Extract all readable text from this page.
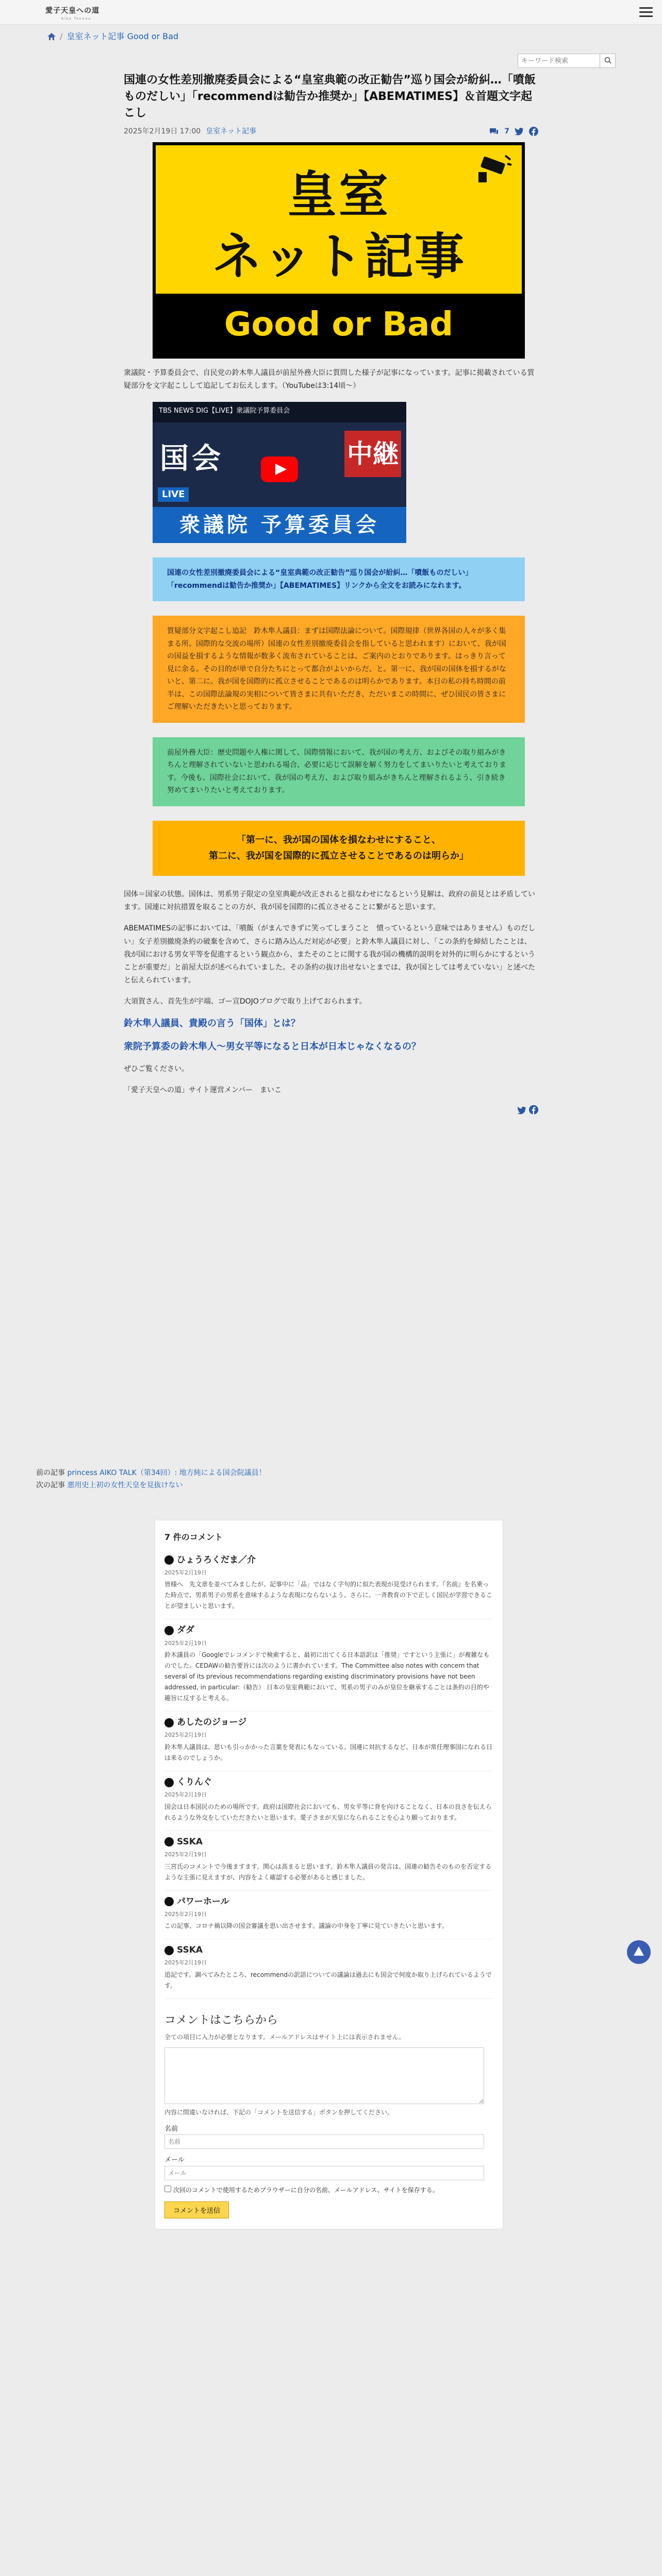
愛子天皇への道
Aiko Tennou
/ 皇室ネット記事 Good or Bad
キーワード検索
国連の女性差別撤廃委員会による“皇室典範の改正勧告”巡り国会が紛糾…「噴飯ものだしい」「recommendは勧告か推奨か」【ABEMATIMES】＆首題文字起こし
2025年2月19日 17:00 皇室ネット記事	7
皇室
ネット記事
Good or Bad
衆議院・予算委員会で、自民党の鈴木隼人議員が前屋外務大臣に質問した様子が記事になっています。記事に掲載されている質疑部分を文字起こしして追記してお伝えします。（YouTubeは3:14頃〜）
TBS NEWS DIG【LIVE】衆議院予算委員会
国会	中継
LIVE
衆議院 予算委員会
国連の女性差別撤廃委員会による“皇室典範の改正勧告”巡り国会が紛糾…「噴飯ものだしい」「recommendは勧告か推奨か」【ABEMATIMES】リンクから全文をお読みになれます。
質疑部分文字起こし追記　鈴木隼人議員：まずは国際法論について。国際規律（世界各国の人々が多く集まる所。国際的な交流の場所）国連の女性差別撤廃委員会を指していると思われます）において、我が国の国益を損するような情報が数多く流布されていることは、ご案内のとおりであります。はっきり言って見に余る。その目的が単で自分たちにとって都合がよいからだ、と。第一に、我が国の国体を損するがないと、第二に、我が国を国際的に孤立させることであるのは明らかであります。本日の私の持ち時間の前半は、この国際法論規の実相について皆さまに共有いただき、ただいまこの時間に、ぜひ国民の皆さまにご理解いただきたいと思っております。
前屋外務大臣：歴史問題や人権に関して、国際情報において、我が国の考え方、およびその取り組みがきちんと理解されていないと思われる場合、必要に応じて誤解を解く努力をしてまいりたいと考えております。今後も、国際社会において、我が国の考え方、および取り組みがきちんと理解されるよう、引き続き努めてまいりたいと考えております。
「第一に、我が国の国体を損なわせにすること、
第二に、我が国を国際的に孤立させることであるのは明らか」

国体＝国家の状態。国体は、男系男子限定の皇室典範が改正されると損なわせになるという見解は、政府の前見とは矛盾しています。国連に対抗措置を取ることの方が、我が国を国際的に孤立させることに繋がると思います。

ABEMATIMESの記事においては、「噴飯（がまんできずに笑ってしまうこと　憤っているという意味ではありません）ものだしい」女子差別撤廃条約の破棄を含めて、さらに踏み込んだ対応が必要」と鈴木隼人議員に対し、「この条約を締結したことは、我が国における男女平等を促進するという観点から、またそのことに関する我が国の機構的説明を対外的に明らかにするということが重要だ」と前屋大臣が述べられていました。その条約の抜け出せないとまでは、我が国としては考えていない」と述べたと伝えられています。

大須賀さん、首先生が宇端、ゴー宣DOJOブログで取り上げておられます。

鈴木隼人議員、貴殿の言う「国体」とは？
衆院予算委の鈴木隼人〜男女平等になると日本が日本じゃなくなるの？

ぜひご覧ください。

「愛子天皇への道」サイト運営メンバー　まいこ

前の記事 princess AIKO TALK（第34回）: 地方純による国会院議員！
次の記事 悪用史上初の女性天皇を見抜けない
7 件のコメント
ひょうろくだま／介
2025年2月19日
皆様へ　先文章を並べてみましたが、記事中に「品」ではなく字句的に似た表現が見受けられます。『名前』を名乗った時点で、男系男子の男系を意味するような表現にならないよう、さらに、一斉教育の下で正しく国民が学習できることが望ましいと思います。
ダダ
2025年2月19日
鈴木議員の「Googleでレコメンドで検索すると、最初に出てくる日本語訳は「推奨」ですという主張に」が複雑なものでした。CEDAWの勧告要旨には次のように書かれています。The Committee also notes with concern that several of its previous recommendations regarding existing discriminatory provisions have not been addressed, in particular:（勧告） 日本の皇室典範において、男系の男子のみが皇位を継承することは条約の目的や趣旨に反すると考える。
あしたのジョージ
2025年2月19日
鈴木隼人議員は、思いも引っかかった言葉を発表にもなっている。国連に対抗するなど、日本が常任理事国になれる日は来るのでしょうか。
くりんぐ
2025年2月19日
国会は日本国民のための場所です。政府は国際社会においても、男女平等に背を向けることなく、日本の良さを伝えられるような外交をしていただきたいと思います。愛子さまが天皇になられることを心より願っております。
SSKA
2025年2月19日
三宮氏のコメントで今後ますます、関心は高まると思います。鈴木隼人議員の発言は、国連の勧告そのものを否定するような主張に見えますが、内容をよく確認する必要があると感じました。
パワーホール
2025年2月19日
この記事、コロナ禍以降の国会審議を思い出させます。議論の中身を丁寧に見ていきたいと思います。
SSKA
2025年2月19日
追記です。調べてみたところ、recommendの訳語についての議論は過去にも国会で何度か取り上げられているようです。
コメントはこちらから
全ての項目に入力が必要となります。メールアドレスはサイト上には表示されません。
内容に間違いなければ、下記の「コメントを送信する」ボタンを押してください。
名前
名前
メール
メール
次回のコメントで使用するためブラウザーに自分の名前、メールアドレス、サイトを保存する。
コメントを送信
